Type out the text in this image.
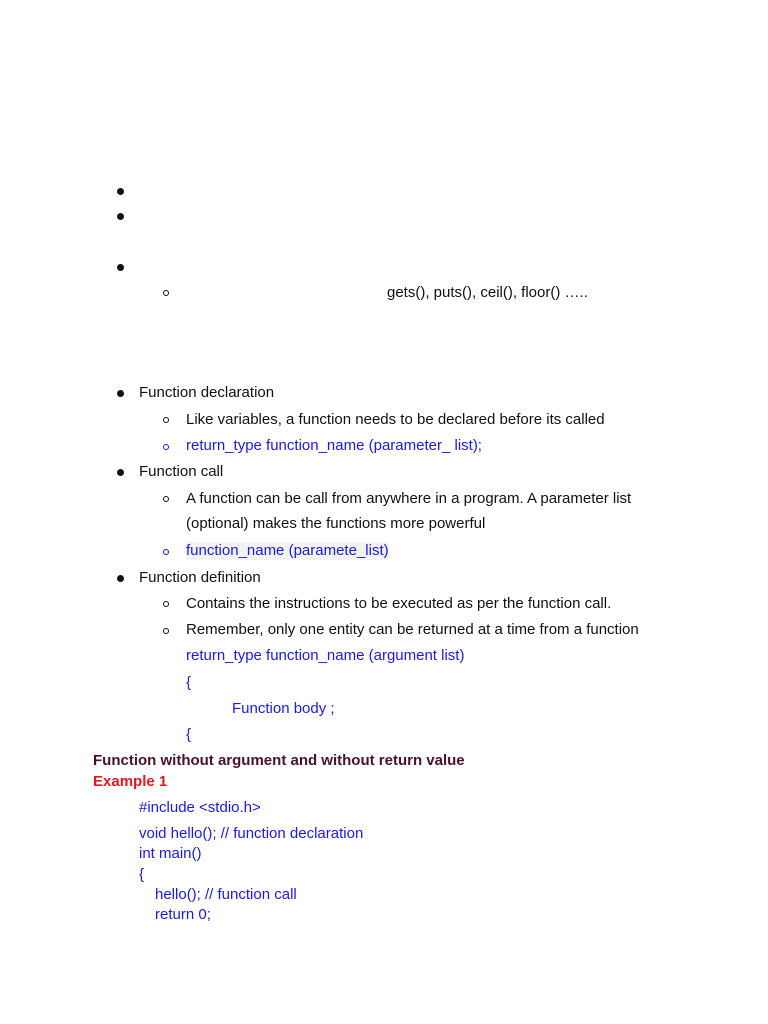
gets(), puts(), ceil(), floor() …..
Function declaration
Like variables, a function needs to be declared before its called
return_type function_name (parameter_ list);
Function call
A function can be call from anywhere in a program. A parameter list
(optional) makes the functions more powerful
function_name (paramete_list)
Function definition
Contains the instructions to be executed as per the function call.
Remember, only one entity can be returned at a time from a function
return_type function_name (argument list)
{
Function body ;
{
Function without argument and without return value
Example 1
#include <stdio.h>
void hello(); // function declaration
int main()
{
hello(); // function call
return 0;
